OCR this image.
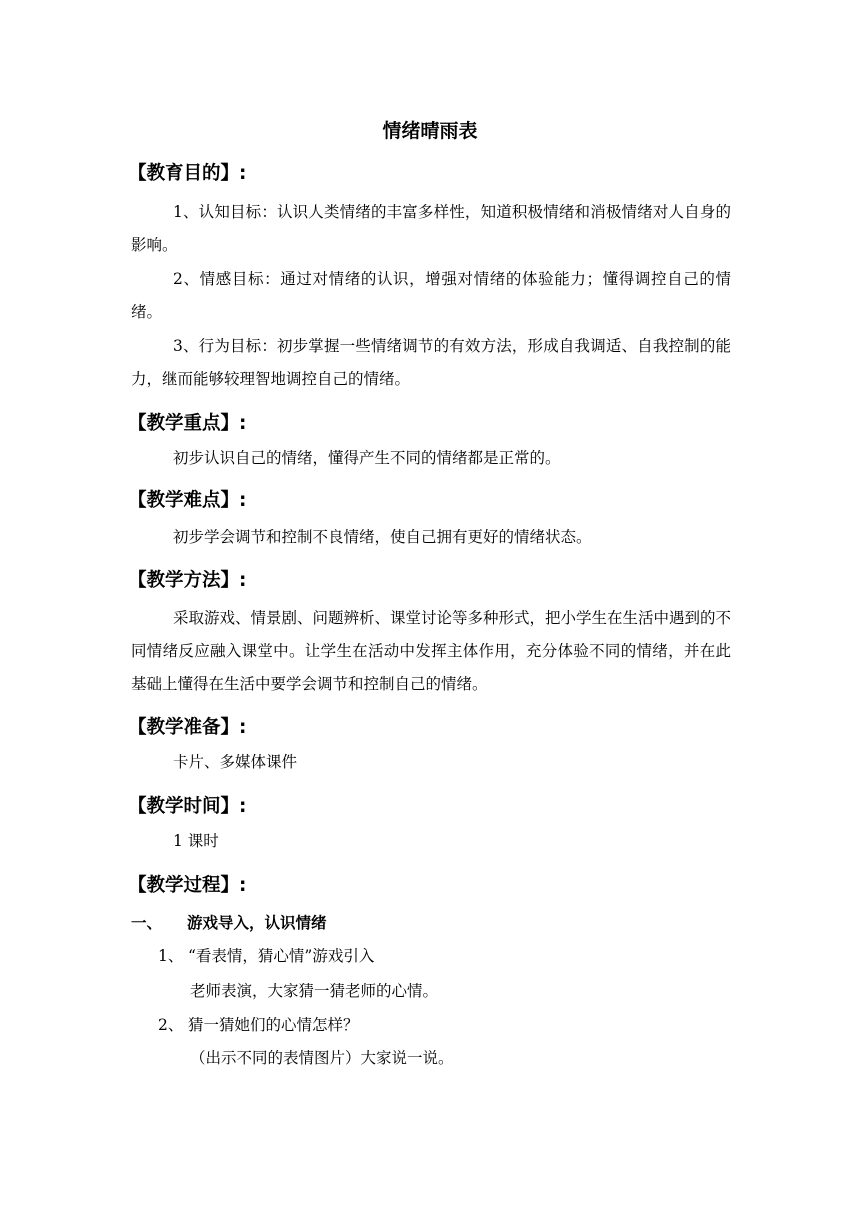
情绪晴雨表
【教育目的】:
1、认知目标：认识人类情绪的丰富多样性，知道积极情绪和消极情绪对人自身的影响。
2、情感目标：通过对情绪的认识，增强对情绪的体验能力；懂得调控自己的情绪。
3、行为目标：初步掌握一些情绪调节的有效方法，形成自我调适、自我控制的能力，继而能够较理智地调控自己的情绪。
【教学重点】:
初步认识自己的情绪，懂得产生不同的情绪都是正常的。
【教学难点】:
初步学会调节和控制不良情绪，使自己拥有更好的情绪状态。
【教学方法】:
采取游戏、情景剧、问题辨析、课堂讨论等多种形式，把小学生在生活中遇到的不同情绪反应融入课堂中。让学生在活动中发挥主体作用，充分体验不同的情绪，并在此基础上懂得在生活中要学会调节和控制自己的情绪。
【教学准备】:
卡片、多媒体课件
【教学时间】:
1 课时
【教学过程】:
一、 游戏导入，认识情绪
1、 “看表情，猜心情”游戏引入
老师表演，大家猜一猜老师的心情。
2、 猜一猜她们的心情怎样？
（出示不同的表情图片）大家说一说。
